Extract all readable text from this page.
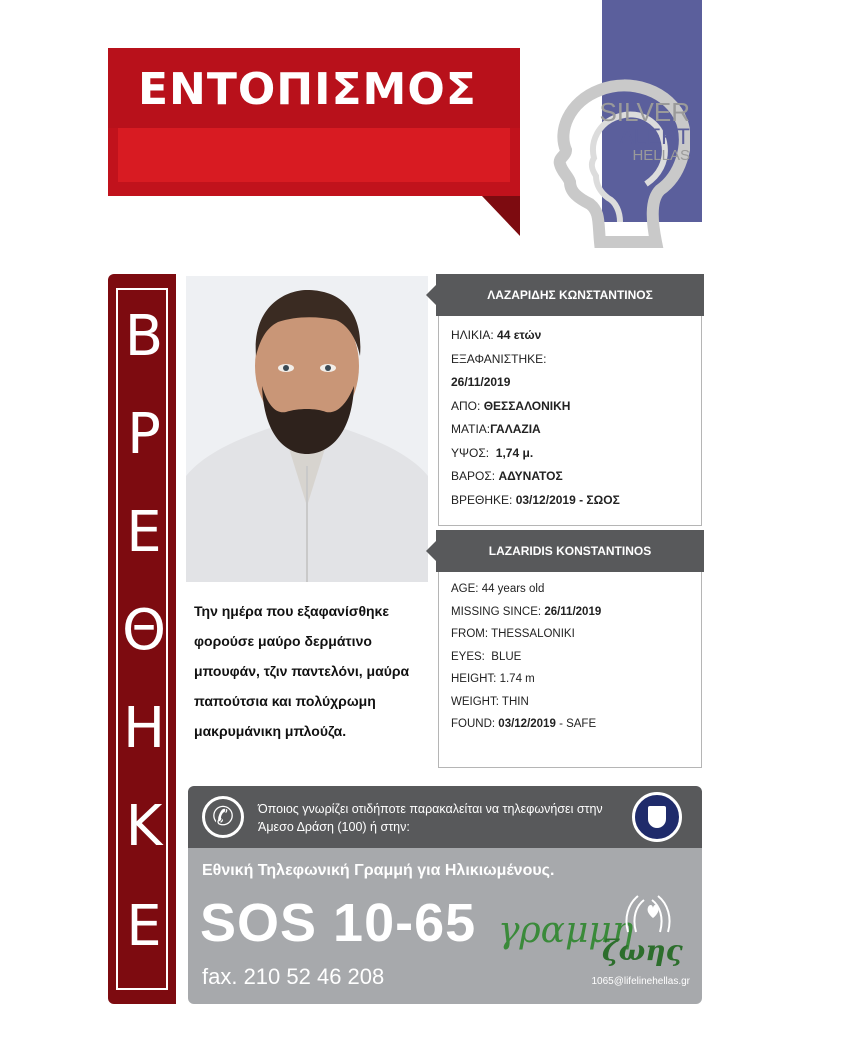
ΕΝΤΟΠΙΣΜΟΣ	SILVER
ALERT
HELLAS
Β
Ρ
Ε
Θ
Η
Κ
Ε
Την ημέρα που εξαφανίσθηκε φορούσε μαύρο δερμάτινο μπουφάν, τζιν παντελόνι, μαύρα παπούτσια και πολύχρωμη μακρυμάνικη μπλούζα.
ΛΑΖΑΡΙΔΗΣ ΚΩΝΣΤΑΝΤΙΝΟΣ
ΗΛΙΚΙΑ: 44 ετών
ΕΞΑΦΑΝΙΣΤΗΚΕ:
26/11/2019
ΑΠΟ: ΘΕΣΣΑΛΟΝΙΚΗ
ΜΑΤΙΑ:ΓΑΛΑΖΙΑ
ΥΨΟΣ: 1,74 μ.
ΒΑΡΟΣ: ΑΔΥΝΑΤΟΣ
ΒΡΕΘΗΚΕ: 03/12/2019 - ΣΩΟΣ
LAZARIDIS KONSTANTINOS
AGE: 44 years old
MISSING SINCE: 26/11/2019
FROM: THESSALONIKI
EYES: BLUE
HEIGHT: 1.74 m
WEIGHT: THIN
FOUND: 03/12/2019 - SAFE
✆	Όποιος γνωρίζει οτιδήποτε παρακαλείται να τηλεφωνήσει στην Άμεσο Δράση (100) ή στην:
Εθνική Τηλεφωνική Γραμμή για Ηλικιωμένους.
SOS 10-65
fax. 210 52 46 208
γραμμη
ζωης
1065@lifelinehellas.gr
